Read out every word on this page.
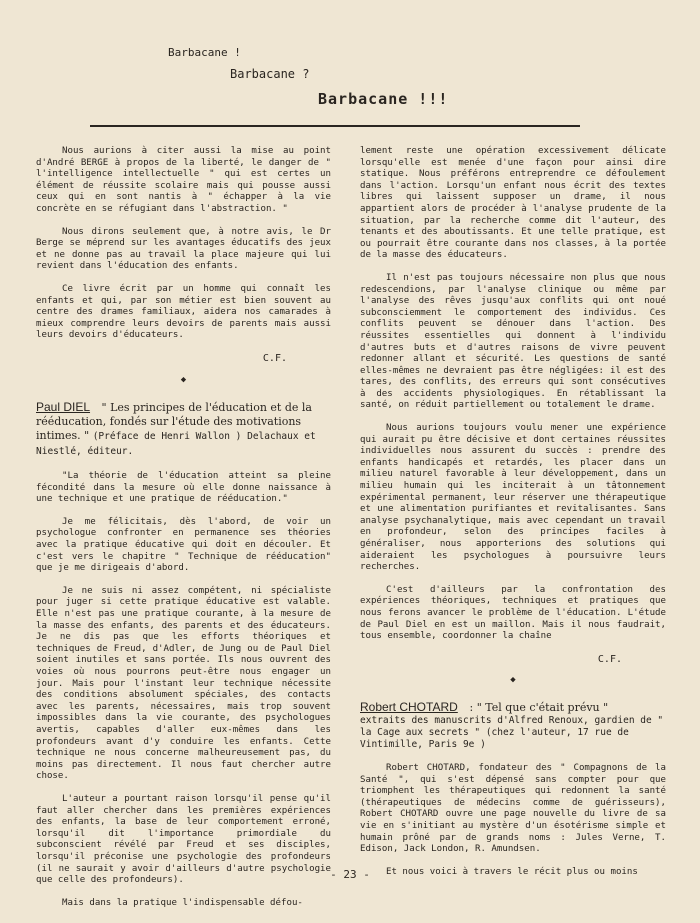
Barbacane !
Barbacane ?
Barbacane !!!

Nous aurions à citer aussi la mise au point d'André BERGE à propos de la liberté, le danger de " l'intelligence intellectuelle " qui est certes un élément de réussite scolaire mais qui pousse aussi ceux qui en sont nantis à " échapper à la vie concrète en se réfugiant dans l'abstraction. "

Nous dirons seulement que, à notre avis, le Dr Berge se méprend sur les avantages éducatifs des jeux et ne donne pas au travail la place majeure qui lui revient dans l'éducation des enfants.

Ce livre écrit par un homme qui connaît les enfants et qui, par son métier est bien souvent au centre des drames familiaux, aidera nos camarades à mieux comprendre leurs devoirs de parents mais aussi leurs devoirs d'éducateurs.

C.F.
◆
Paul DIEL " Les principes de l'éducation et de la rééducation, fondés sur l'étude des motivations intimes. " (Préface de Henri Wallon ) Delachaux et Niestlé, éditeur.

"La théorie de l'éducation atteint sa pleine fécondité dans la mesure où elle donne naissance à une technique et une pratique de rééducation."

Je me félicitais, dès l'abord, de voir un psychologue confronter en permanence ses théories avec la pratique éducative qui doit en découler. Et c'est vers le chapitre " Technique de rééducation" que je me dirigeais d'abord.

Je ne suis ni assez compétent, ni spécialiste pour juger si cette pratique éducative est valable. Elle n'est pas une pratique courante, à la mesure de la masse des enfants, des parents et des éducateurs. Je ne dis pas que les efforts théoriques et techniques de Freud, d'Adler, de Jung ou de Paul Diel soient inutiles et sans portée. Ils nous ouvrent des voies où nous pourrons peut-être nous engager un jour. Mais pour l'instant leur technique nécessite des conditions absolument spéciales, des contacts avec les parents, nécessaires, mais trop souvent impossibles dans la vie courante, des psychologues avertis, capables d'aller eux-mêmes dans les profondeurs avant d'y conduire les enfants. Cette technique ne nous concerne malheureusement pas, du moins pas directement. Il nous faut chercher autre chose.

L'auteur a pourtant raison lorsqu'il pense qu'il faut aller chercher dans les premières expériences des enfants, la base de leur comportement erroné, lorsqu'il dit l'importance primordiale du subconscient révélé par Freud et ses disciples, lorsqu'il préconise une psychologie des profondeurs (il ne saurait y avoir d'ailleurs d'autre psychologie que celle des profondeurs).

Mais dans la pratique l'indispensable défou-

lement reste une opération excessivement délicate lorsqu'elle est menée d'une façon pour ainsi dire statique. Nous préférons entreprendre ce défoulement dans l'action. Lorsqu'un enfant nous écrit des textes libres qui laissent supposer un drame, il nous appartient alors de procéder à l'analyse prudente de la situation, par la recherche comme dit l'auteur, des tenants et des aboutissants. Et une telle pratique, est ou pourrait être courante dans nos classes, à la portée de la masse des éducateurs.

Il n'est pas toujours nécessaire non plus que nous redescendions, par l'analyse clinique ou même par l'analyse des rêves jusqu'aux conflits qui ont noué subconsciemment le comportement des individus. Ces conflits peuvent se dénouer dans l'action. Des réussites essentielles qui donnent à l'individu d'autres buts et d'autres raisons de vivre peuvent redonner allant et sécurité. Les questions de santé elles-mêmes ne devraient pas être négligées: il est des tares, des conflits, des erreurs qui sont consécutives à des accidents physiologiques. En rétablissant la santé, on réduit partiellement ou totalement le drame.

Nous aurions toujours voulu mener une expérience qui aurait pu être décisive et dont certaines réussites individuelles nous assurent du succès : prendre des enfants handicapés et retardés, les placer dans un milieu naturel favorable à leur développement, dans un milieu humain qui les inciterait à un tâtonnement expérimental permanent, leur réserver une thérapeutique et une alimentation purifiantes et revitalisantes. Sans analyse psychanalytique, mais avec cependant un travail en profondeur, selon des principes faciles à généraliser, nous apporterions des solutions qui aideraient les psychologues à poursuivre leurs recherches.

C'est d'ailleurs par la confrontation des expériences théoriques, techniques et pratiques que nous ferons avancer le problème de l'éducation. L'étude de Paul Diel en est un maillon. Mais il nous faudrait, tous ensemble, coordonner la chaîne

C.F.
◆
Robert CHOTARD : " Tel que c'était prévu "
extraits des manuscrits d'Alfred Renoux, gardien de " la Cage aux secrets " (chez l'auteur, 17 rue de Vintimille, Paris 9e )

Robert CHOTARD, fondateur des " Compagnons de la Santé ", qui s'est dépensé sans compter pour que triomphent les thérapeutiques qui redonnent la santé (thérapeutiques de médecins comme de guérisseurs), Robert CHOTARD ouvre une page nouvelle du livre de sa vie en s'initiant au mystère d'un ésotérisme simple et humain prôné par de grands noms : Jules Verne, T. Edison, Jack London, R. Amundsen.

Et nous voici à travers le récit plus ou moins

- 23 -
